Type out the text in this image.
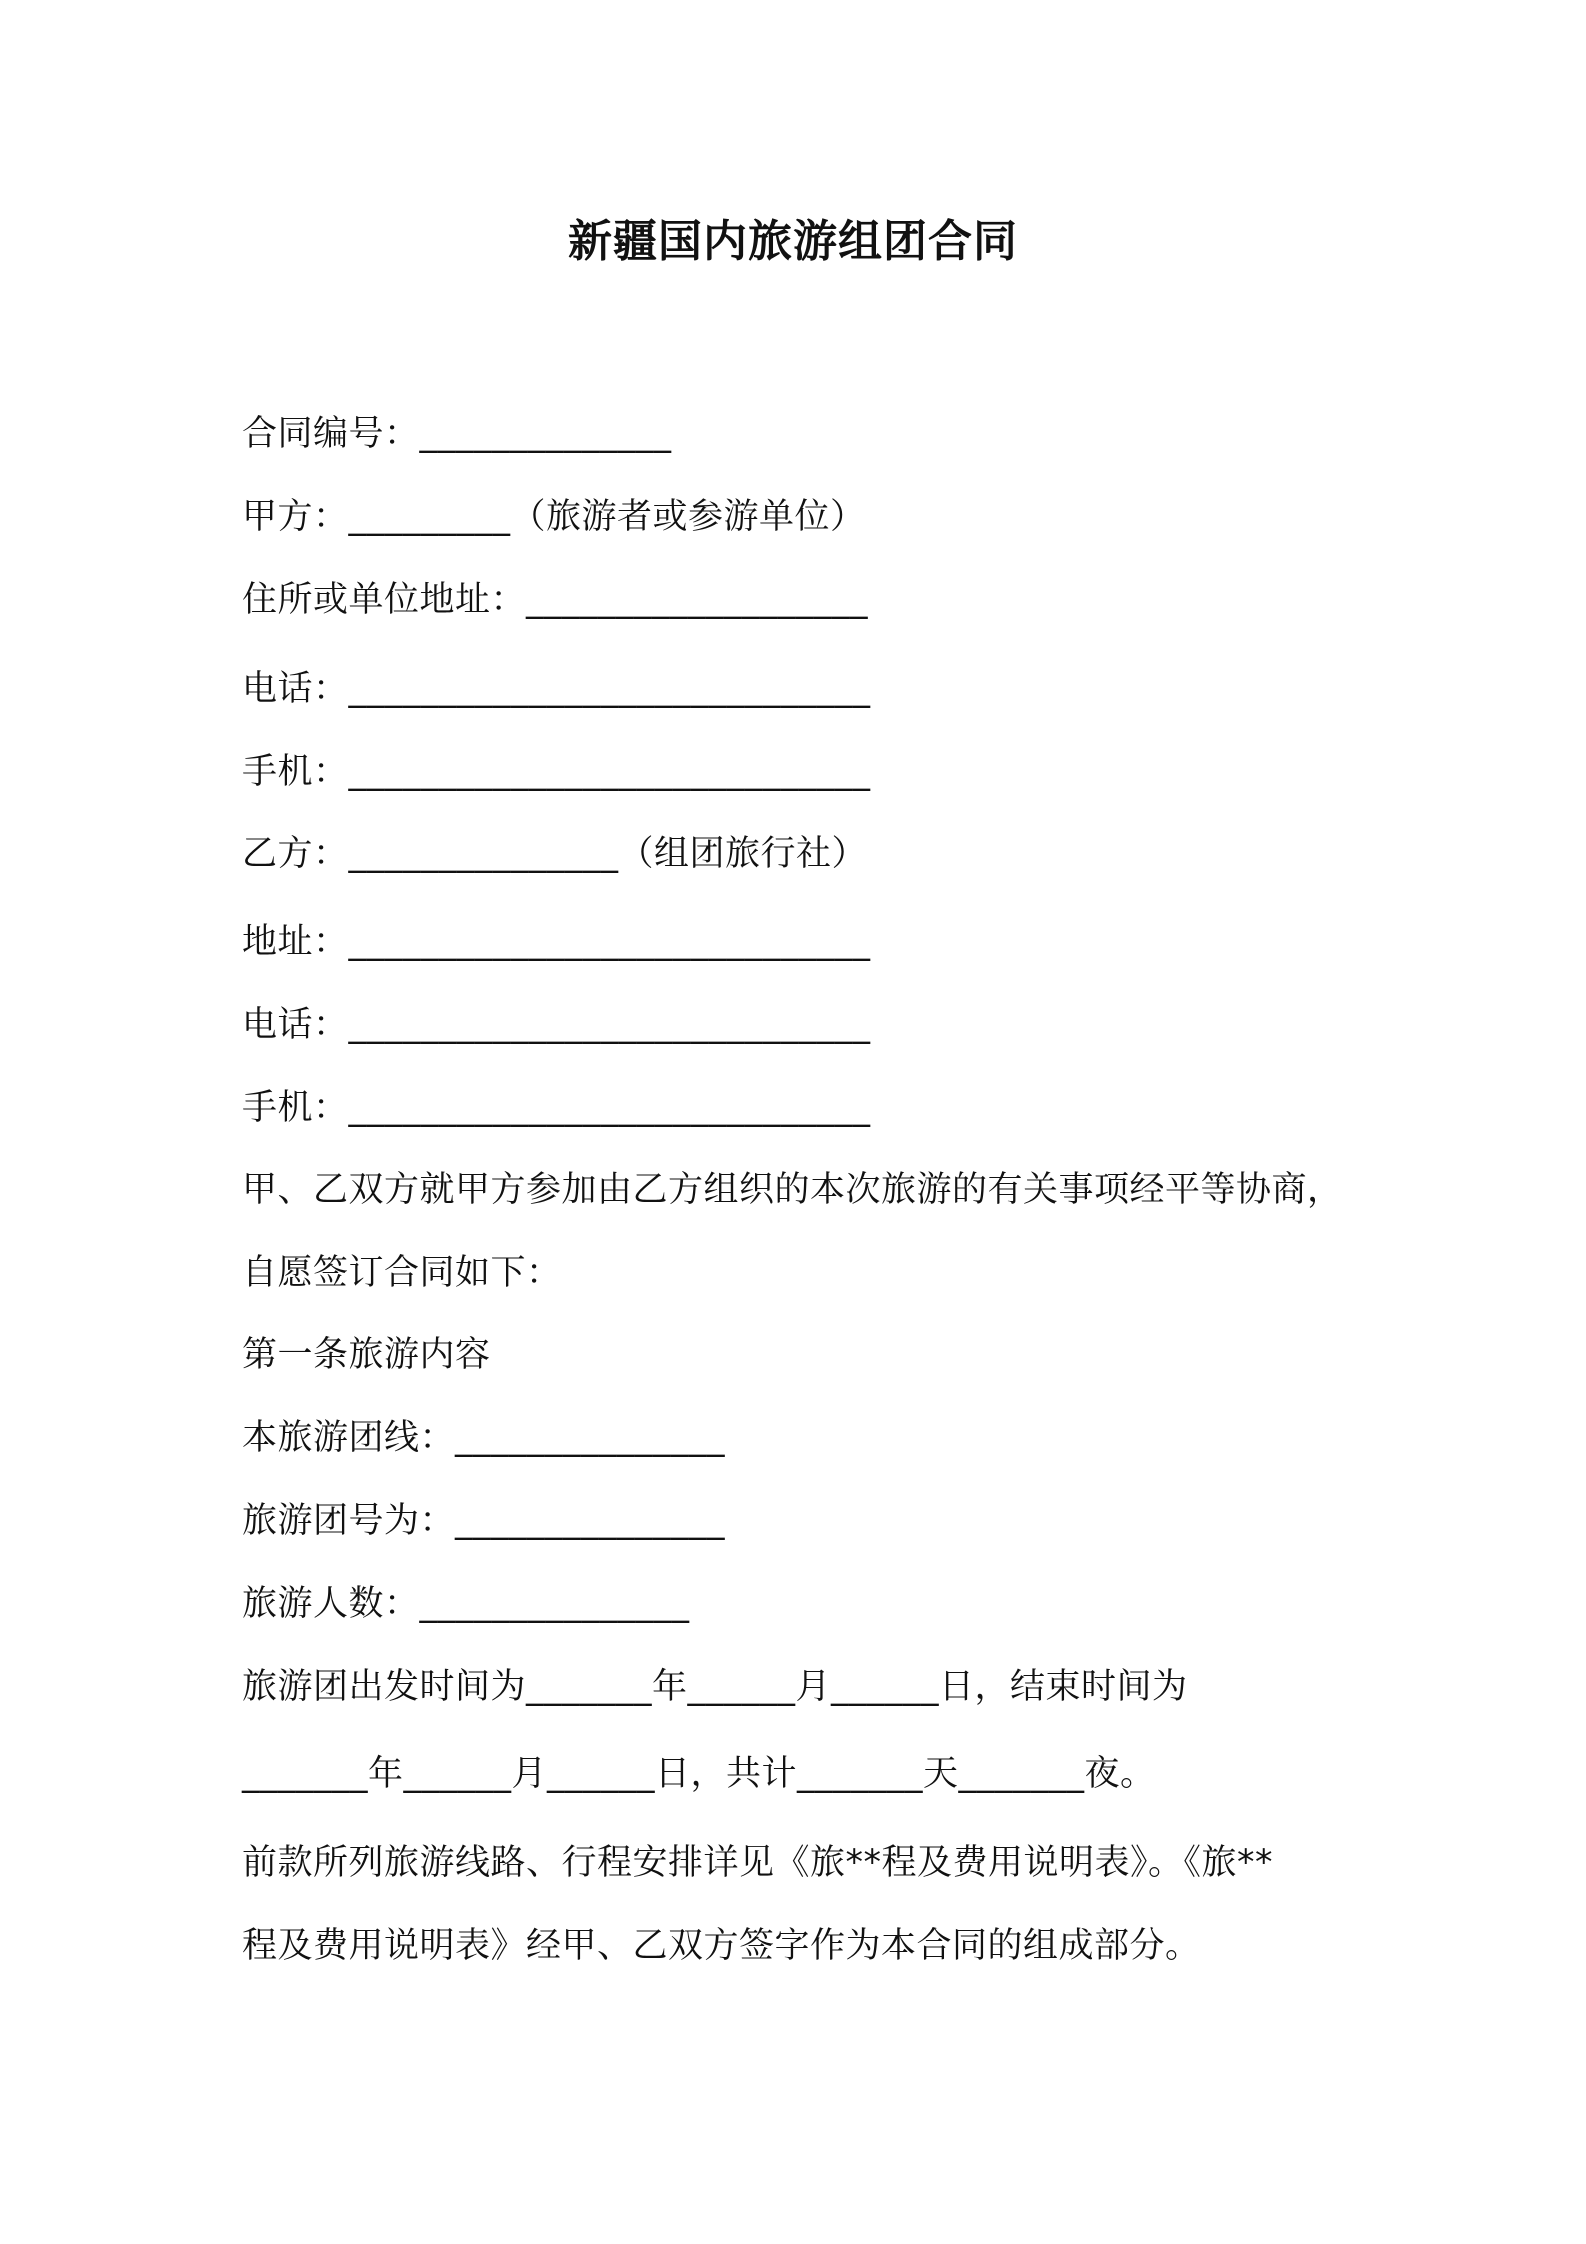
新疆国内旅游组团合同
合同编号：______________
甲方：_________（旅游者或参游单位）
住所或单位地址：___________________
电话：_____________________________
手机：_____________________________
乙方：_______________（组团旅行社）
地址：_____________________________
电话：_____________________________
手机：_____________________________
甲、乙双方就甲方参加由乙方组织的本次旅游的有关事项经平等协商，
自愿签订合同如下：
第一条旅游内容
本旅游团线：_______________
旅游团号为：_______________
旅游人数：_______________
旅游团出发时间为_______年______月______日，结束时间为
_______年______月______日，共计_______天_______夜。
前款所列旅游线路、行程安排详见《旅**程及费用说明表》。《旅**
程及费用说明表》经甲、乙双方签字作为本合同的组成部分。
